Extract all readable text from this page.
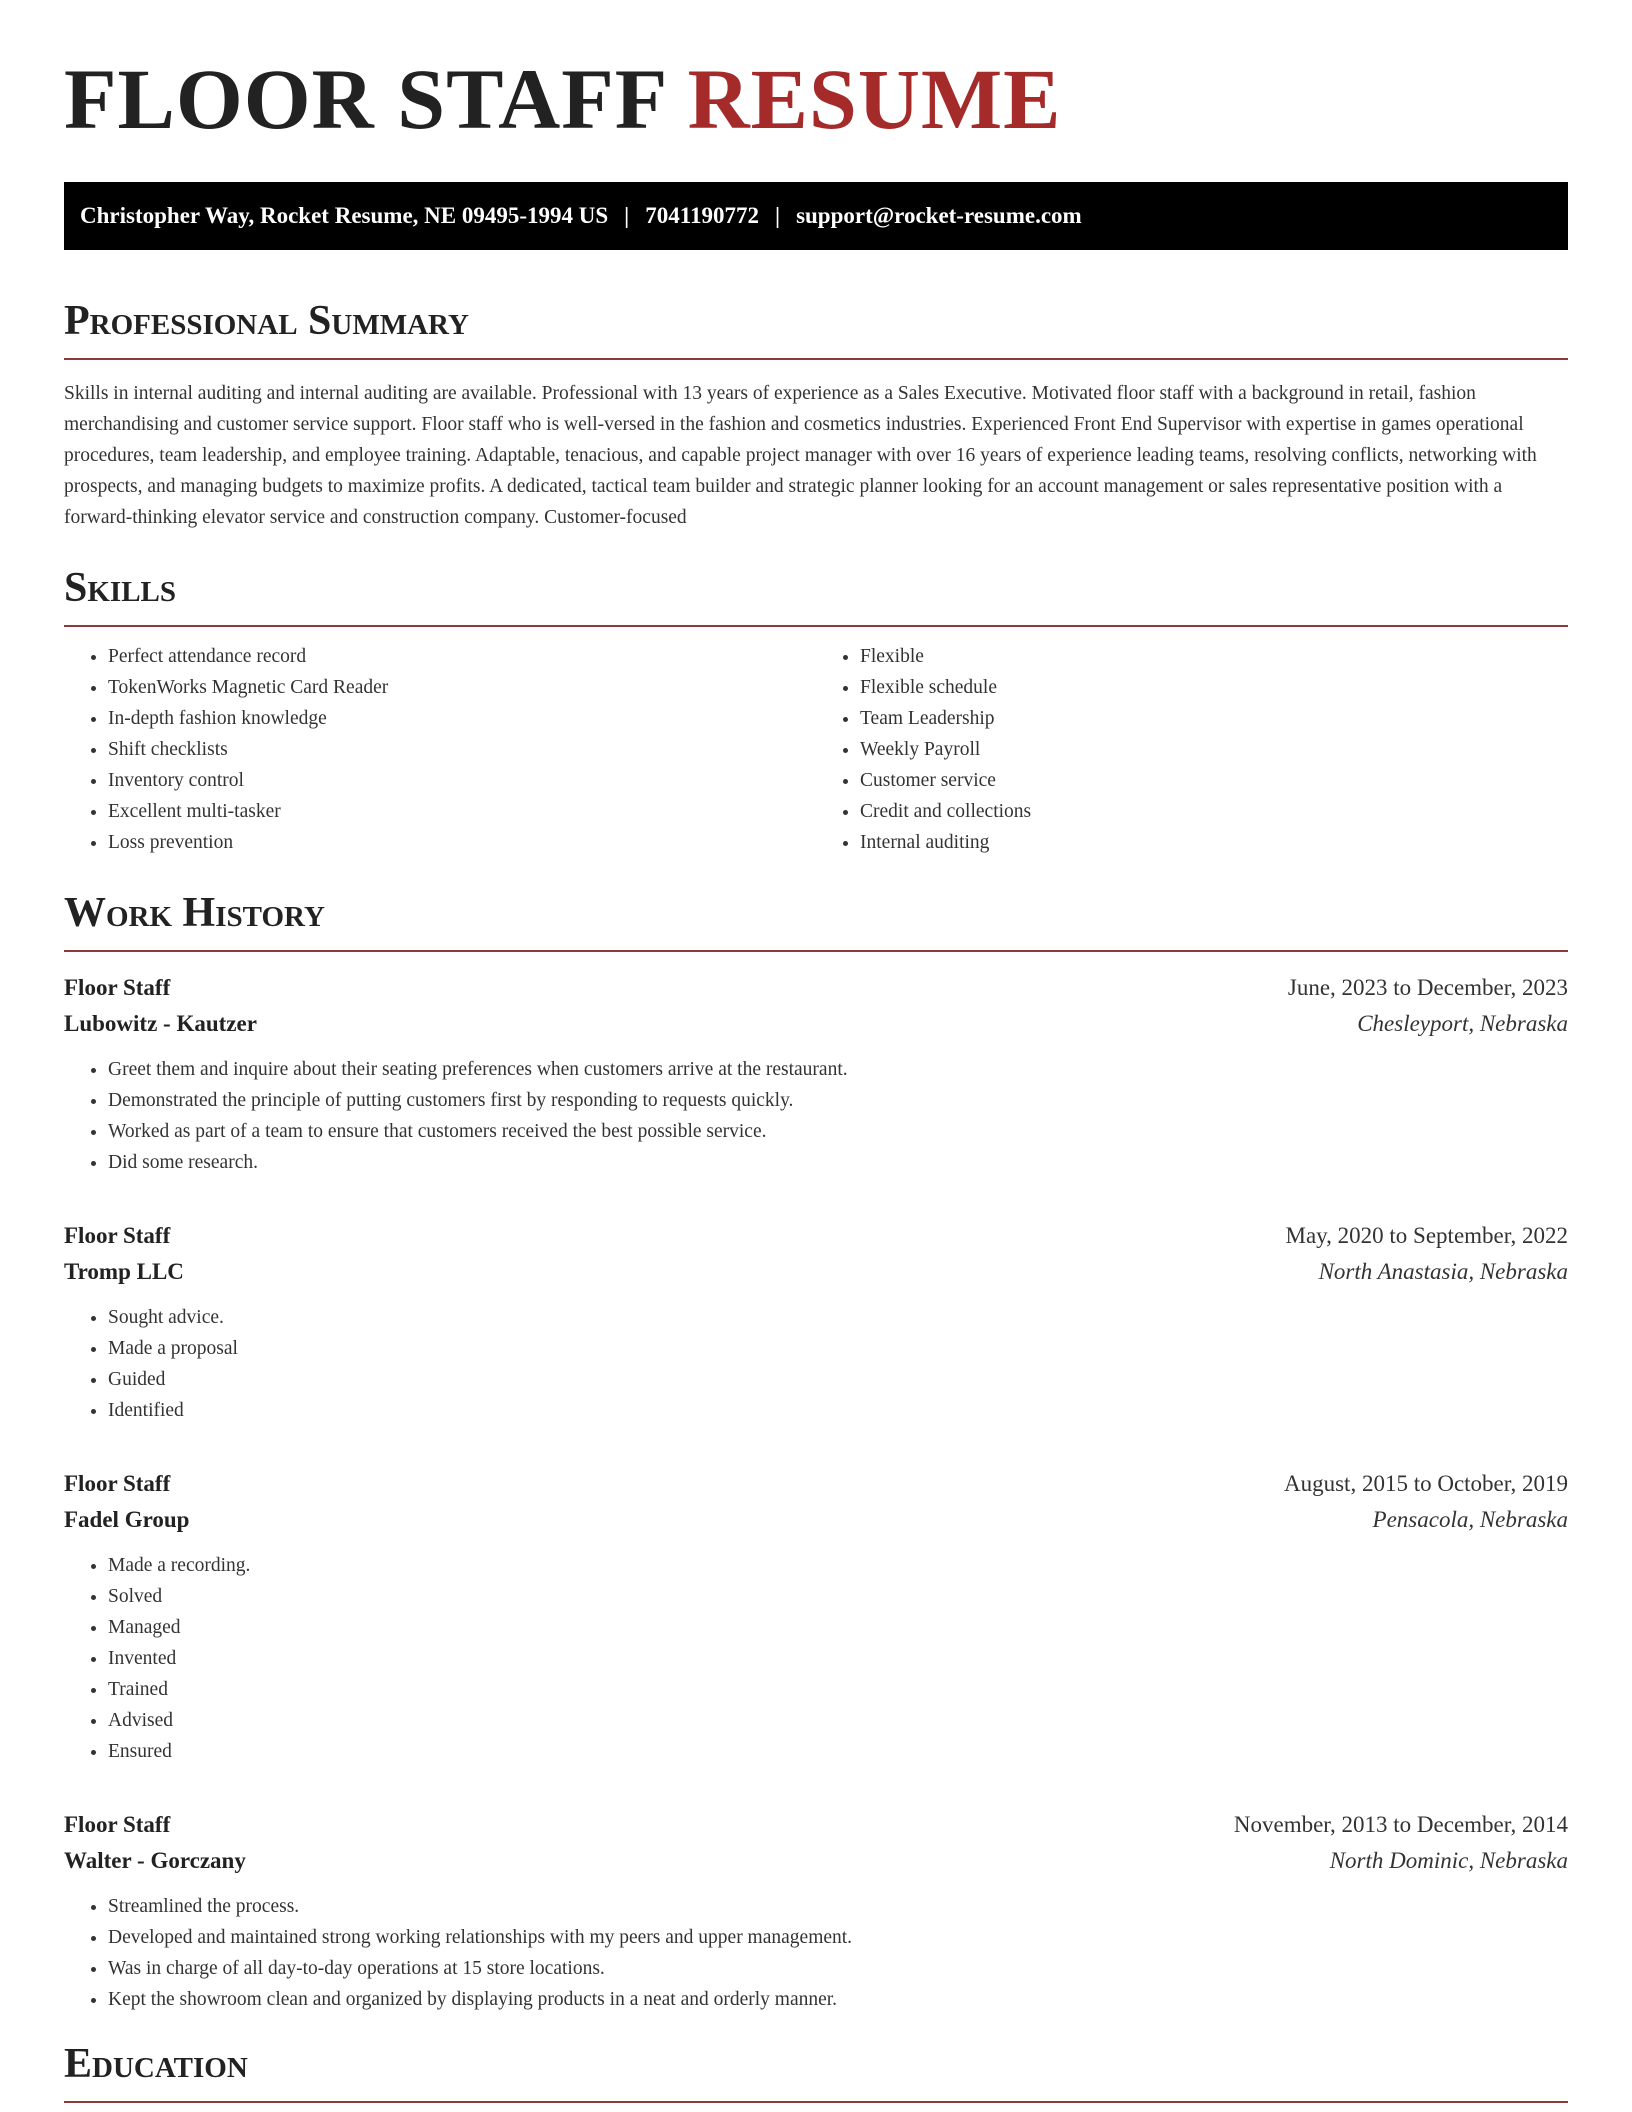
FLOOR STAFF RESUME
Christopher Way, Rocket Resume, NE 09495-1994 US | 7041190772 | support@rocket-resume.com
Professional Summary

Skills in internal auditing and internal auditing are available. Professional with 13 years of experience as a Sales Executive. Motivated floor staff with a background in retail, fashion merchandising and customer service support. Floor staff who is well-versed in the fashion and cosmetics industries. Experienced Front End Supervisor with expertise in games operational procedures, team leadership, and employee training. Adaptable, tenacious, and capable project manager with over 16 years of experience leading teams, resolving conflicts, networking with prospects, and managing budgets to maximize profits. A dedicated, tactical team builder and strategic planner looking for an account management or sales representative position with a forward-thinking elevator service and construction company. Customer-focused

Skills
• Perfect attendance record
• TokenWorks Magnetic Card Reader
• In-depth fashion knowledge
• Shift checklists
• Inventory control
• Excellent multi-tasker
• Loss prevention
• Flexible
• Flexible schedule
• Team Leadership
• Weekly Payroll
• Customer service
• Credit and collections
• Internal auditing
Work History
Floor Staff	June, 2023 to December, 2023
Lubowitz - Kautzer	Chesleyport, Nebraska
• Greet them and inquire about their seating preferences when customers arrive at the restaurant.
• Demonstrated the principle of putting customers first by responding to requests quickly.
• Worked as part of a team to ensure that customers received the best possible service.
• Did some research.
Floor Staff	May, 2020 to September, 2022
Tromp LLC	North Anastasia, Nebraska
• Sought advice.
• Made a proposal
• Guided
• Identified
Floor Staff	August, 2015 to October, 2019
Fadel Group	Pensacola, Nebraska
• Made a recording.
• Solved
• Managed
• Invented
• Trained
• Advised
• Ensured
Floor Staff	November, 2013 to December, 2014
Walter - Gorczany	North Dominic, Nebraska
• Streamlined the process.
• Developed and maintained strong working relationships with my peers and upper management.
• Was in charge of all day-to-day operations at 15 store locations.
• Kept the showroom clean and organized by displaying products in a neat and orderly manner.
Education
